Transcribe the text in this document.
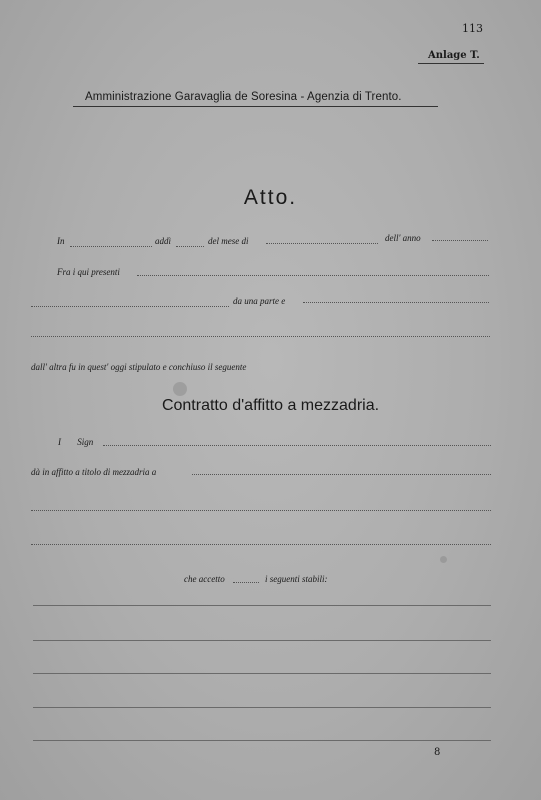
113
Anlage T.
Amministrazione Garavaglia de Soresina - Agenzia di Trento.
Atto.
In	addì	del mese di	dell' anno
Fra i qui presenti
da una parte e
dall' altra fu in quest' oggi stipulato e conchiuso il seguente
Contratto d'affitto a mezzadria.
I Sign
dà in affitto a titolo di mezzadria a
che accetto	i seguenti stabili:
8
